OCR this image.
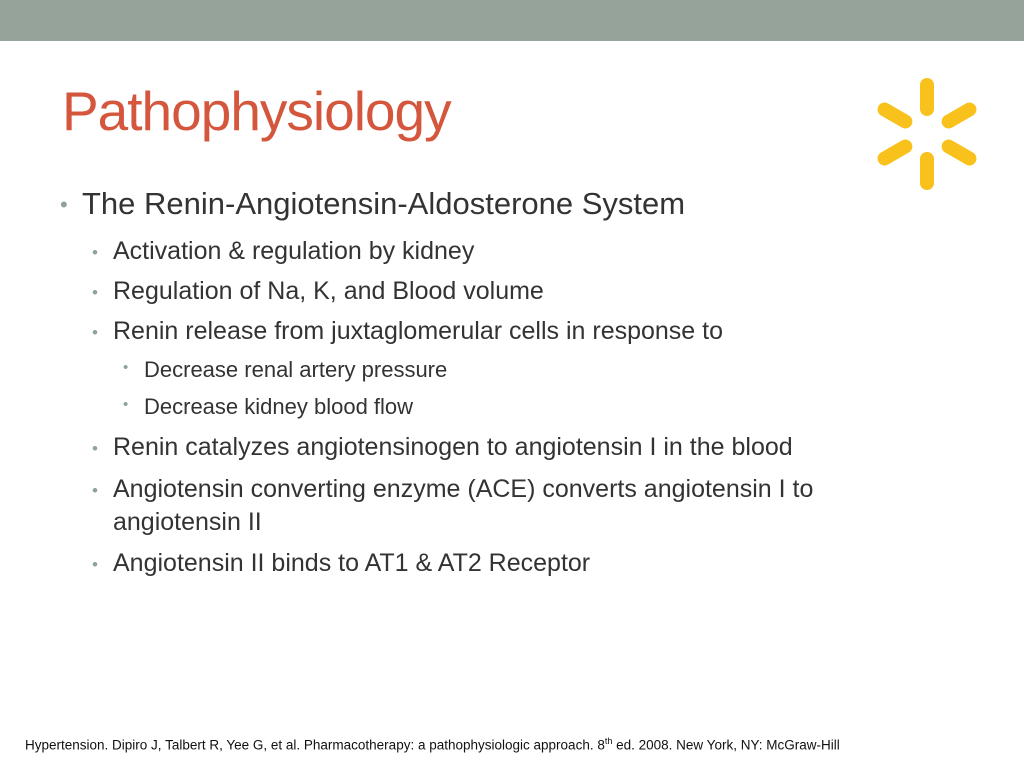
Pathophysiology
• The Renin-Angiotensin-Aldosterone System
• Activation & regulation by kidney
• Regulation of Na, K, and Blood volume
• Renin release from juxtaglomerular cells in response to
• Decrease renal artery pressure
• Decrease kidney blood flow
• Renin catalyzes angiotensinogen to angiotensin I in the blood
• Angiotensin converting enzyme (ACE) converts angiotensin I to
angiotensin II
• Angiotensin II binds to AT1 & AT2 Receptor
Hypertension. Dipiro J, Talbert R, Yee G, et al. Pharmacotherapy: a pathophysiologic approach. 8th ed. 2008. New York, NY: McGraw-Hill
